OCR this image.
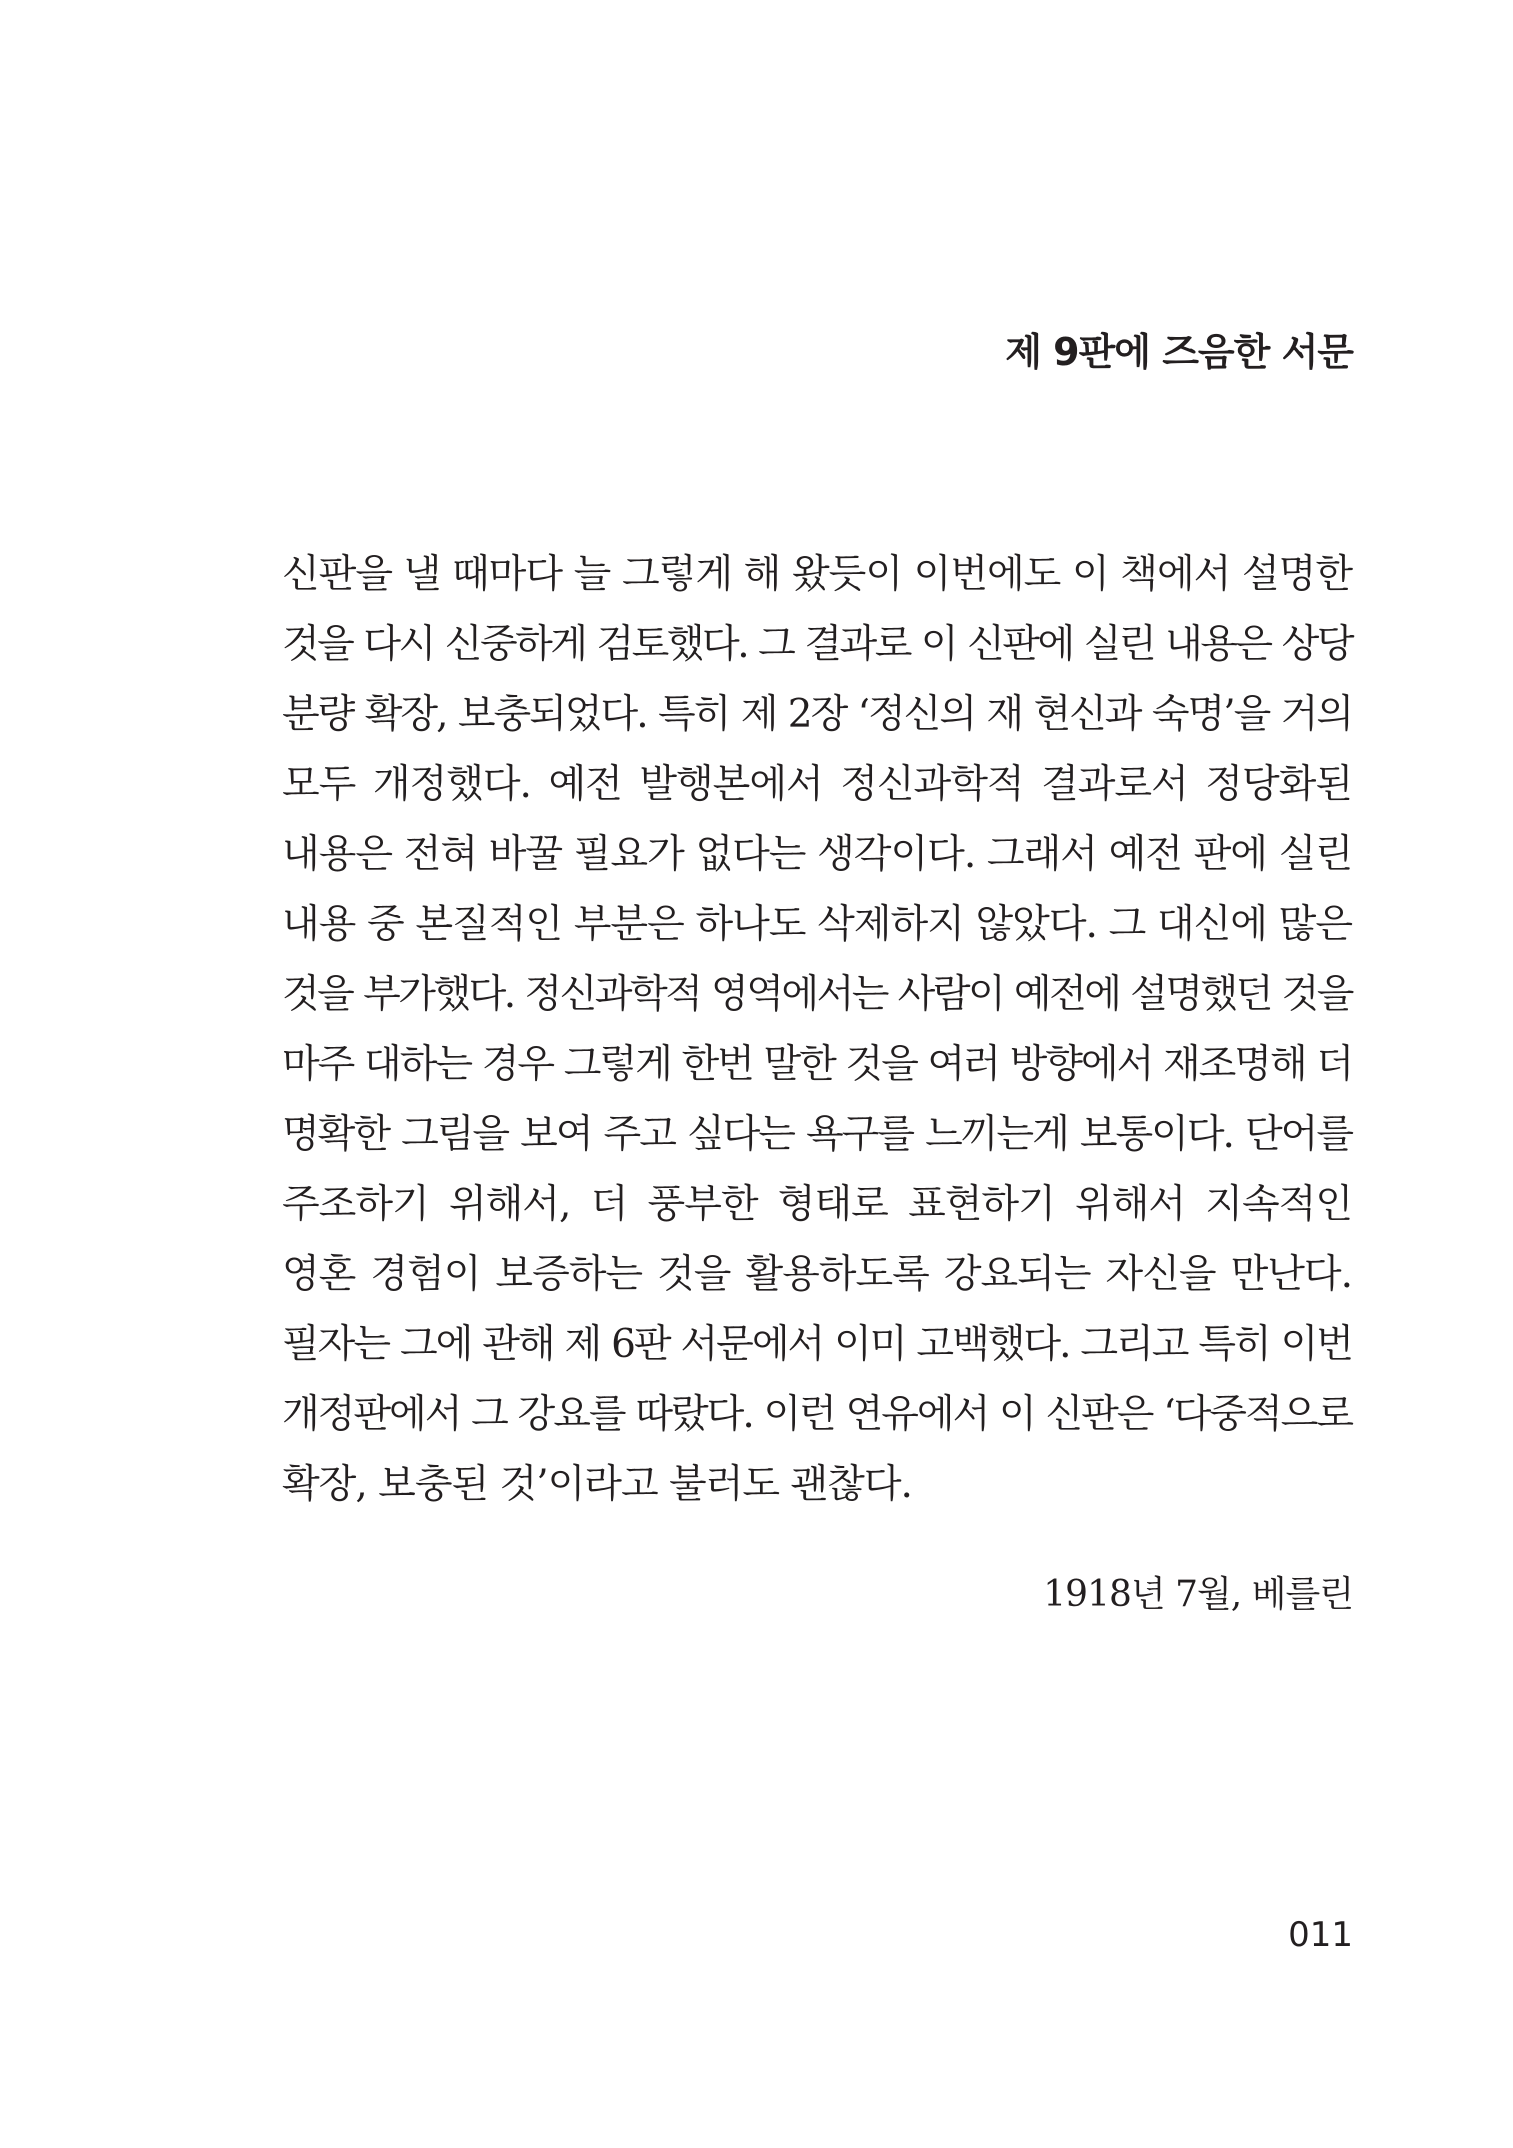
제 9판에 즈음한 서문
신판을 낼 때마다 늘 그렇게 해 왔듯이 이번에도 이 책에서 설명한
것을 다시 신중하게 검토했다. 그 결과로 이 신판에 실린 내용은 상당
분량 확장, 보충되었다. 특히 제 2장 ‘정신의 재 현신과 숙명’을 거의
모두 개정했다. 예전 발행본에서 정신과학적 결과로서 정당화된
내용은 전혀 바꿀 필요가 없다는 생각이다. 그래서 예전 판에 실린
내용 중 본질적인 부분은 하나도 삭제하지 않았다. 그 대신에 많은
것을 부가했다. 정신과학적 영역에서는 사람이 예전에 설명했던 것을
마주 대하는 경우 그렇게 한번 말한 것을 여러 방향에서 재조명해 더
명확한 그림을 보여 주고 싶다는 욕구를 느끼는게 보통이다. 단어를
주조하기 위해서, 더 풍부한 형태로 표현하기 위해서 지속적인
영혼 경험이 보증하는 것을 활용하도록 강요되는 자신을 만난다.
필자는 그에 관해 제 6판 서문에서 이미 고백했다. 그리고 특히 이번
개정판에서 그 강요를 따랐다. 이런 연유에서 이 신판은 ‘다중적으로
확장, 보충된 것’이라고 불러도 괜찮다.
1918년 7월, 베를린
011
